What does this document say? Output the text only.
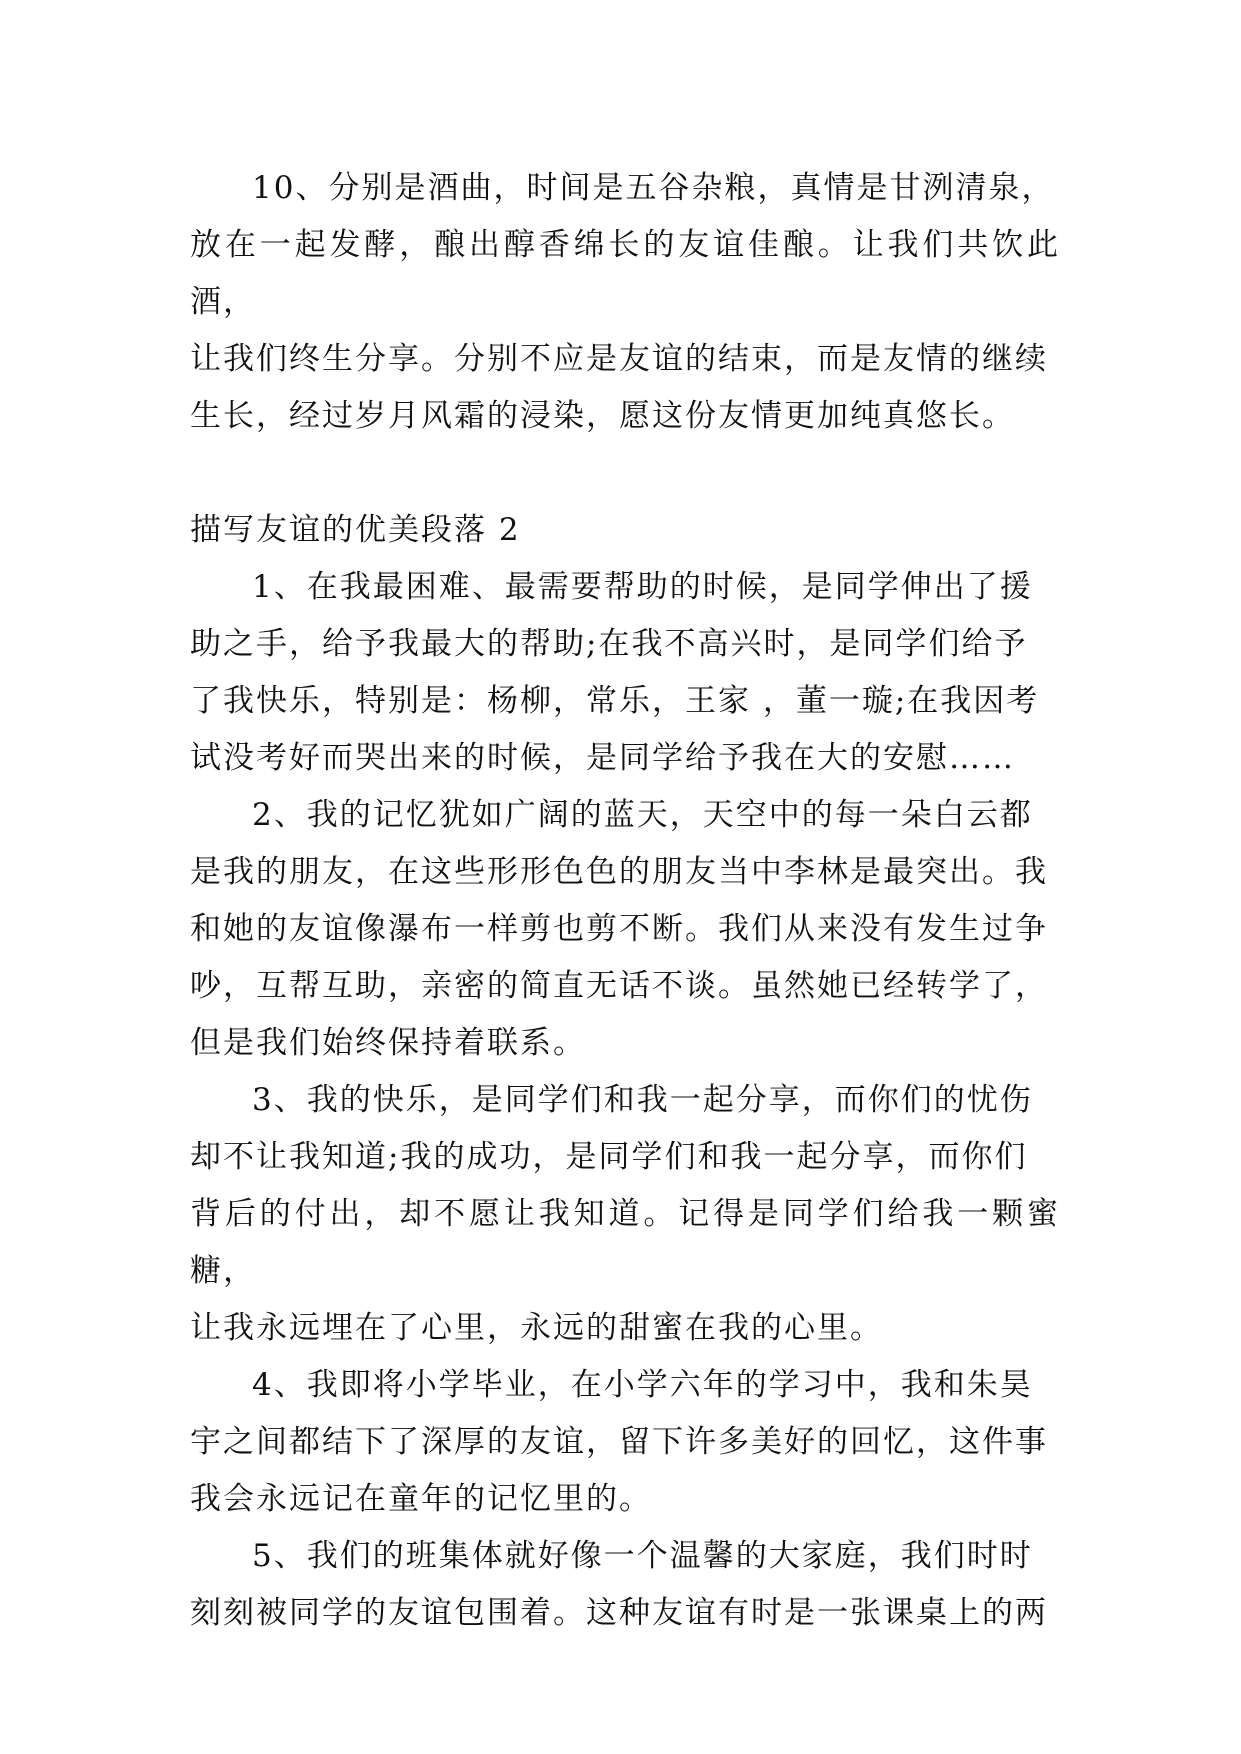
10、分别是酒曲，时间是五谷杂粮，真情是甘洌清泉，
放在一起发酵，酿出醇香绵长的友谊佳酿。让我们共饮此酒，
让我们终生分享。分别不应是友谊的结束，而是友情的继续
生长，经过岁月风霜的浸染，愿这份友情更加纯真悠长。

描写友谊的优美段落 2

1、在我最困难、最需要帮助的时候，是同学伸出了援
助之手，给予我最大的帮助;在我不高兴时，是同学们给予
了我快乐，特别是：杨柳，常乐，王家 ，董一璇;在我因考
试没考好而哭出来的时候，是同学给予我在大的安慰……

2、我的记忆犹如广阔的蓝天，天空中的每一朵白云都
是我的朋友，在这些形形色色的朋友当中李林是最突出。我
和她的友谊像瀑布一样剪也剪不断。我们从来没有发生过争
吵，互帮互助，亲密的简直无话不谈。虽然她已经转学了，
但是我们始终保持着联系。

3、我的快乐，是同学们和我一起分享，而你们的忧伤
却不让我知道;我的成功，是同学们和我一起分享，而你们
背后的付出，却不愿让我知道。记得是同学们给我一颗蜜糖，
让我永远埋在了心里，永远的甜蜜在我的心里。

4、我即将小学毕业，在小学六年的学习中，我和朱昊
宇之间都结下了深厚的友谊，留下许多美好的回忆，这件事
我会永远记在童年的记忆里的。

5、我们的班集体就好像一个温馨的大家庭，我们时时
刻刻被同学的友谊包围着。这种友谊有时是一张课桌上的两
